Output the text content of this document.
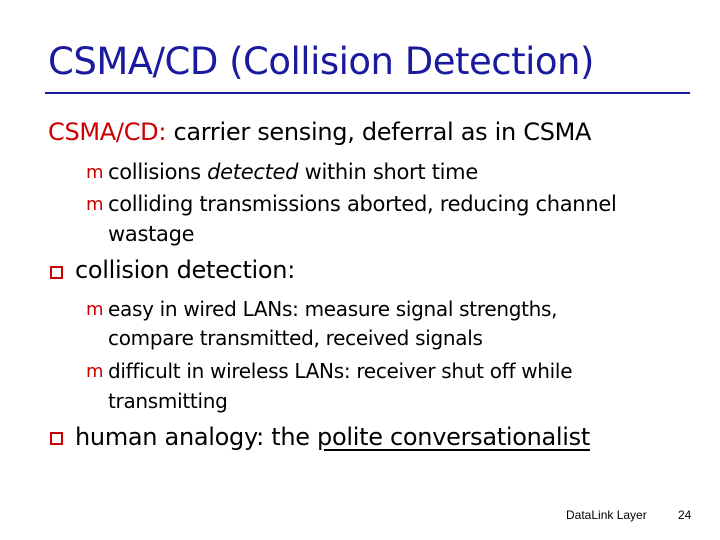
CSMA/CD (Collision Detection)
CSMA/CD: carrier sensing, deferral as in CSMA
m collisions detected within short time
m colliding transmissions aborted, reducing channel
wastage
collision detection:
m easy in wired LANs: measure signal strengths,
compare transmitted, received signals
m difficult in wireless LANs: receiver shut off while
transmitting
human analogy: the polite conversationalist
DataLink Layer	24
